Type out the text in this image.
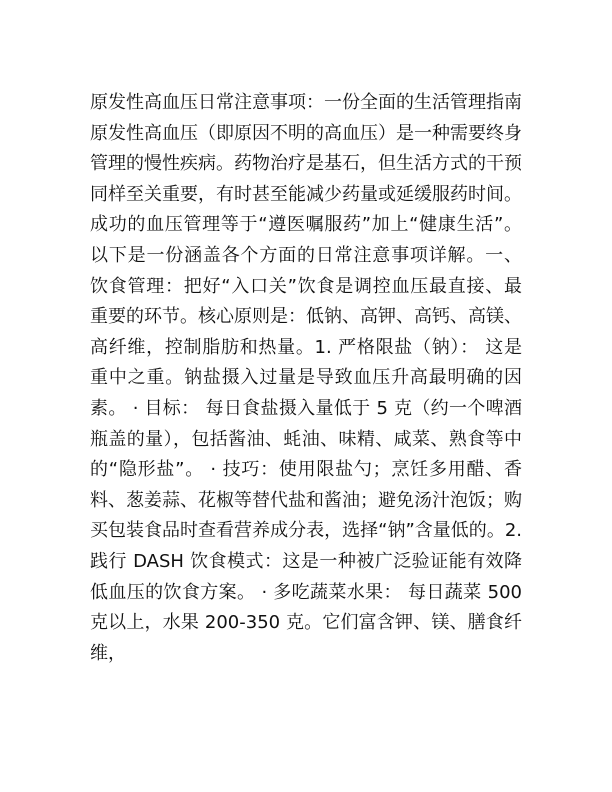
原发性高血压日常注意事项：一份全面的生活管理指南原发性高血压（即原因不明的高血压）是一种需要终身管理的慢性疾病。药物治疗是基石，但生活方式的干预同样至关重要，有时甚至能减少药量或延缓服药时间。成功的血压管理等于“遵医嘱服药”加上“健康生活”。以下是一份涵盖各个方面的日常注意事项详解。一、 饮食管理：把好“入口关”饮食是调控血压最直接、最重要的环节。核心原则是：低钠、高钾、高钙、高镁、高纤维，控制脂肪和热量。1. 严格限盐（钠）： 这是重中之重。钠盐摄入过量是导致血压升高最明确的因素。 · 目标： 每日食盐摄入量低于 5 克（约一个啤酒瓶盖的量），包括酱油、蚝油、味精、咸菜、熟食等中的“隐形盐”。 · 技巧：使用限盐勺；烹饪多用醋、香料、葱姜蒜、花椒等替代盐和酱油；避免汤汁泡饭；购买包装食品时查看营养成分表，选择“钠”含量低的。2. 践行 DASH 饮食模式：这是一种被广泛验证能有效降低血压的饮食方案。 · 多吃蔬菜水果： 每日蔬菜 500 克以上，水果 200-350 克。它们富含钾、镁、膳食纤维，
